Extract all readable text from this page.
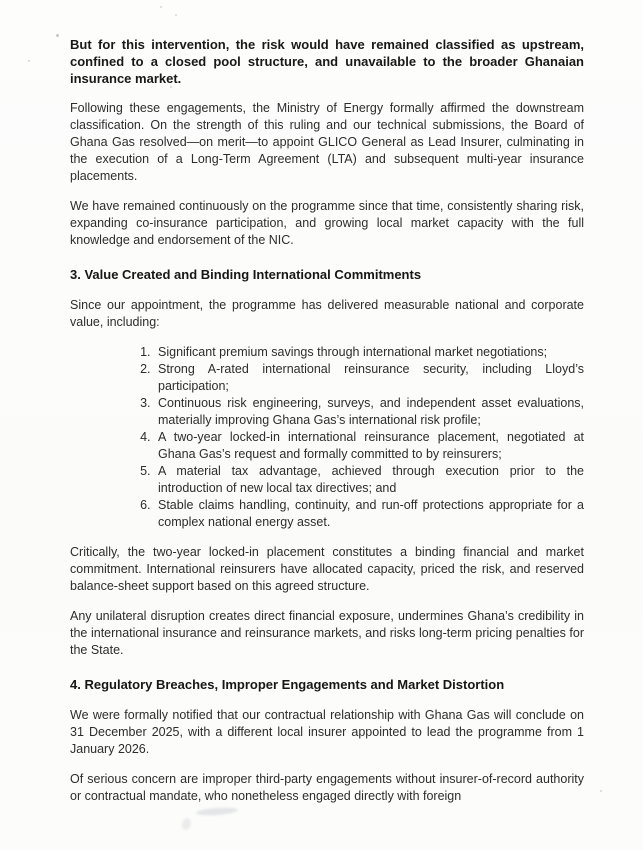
But for this intervention, the risk would have remained classified as upstream, confined to a closed pool structure, and unavailable to the broader Ghanaian insurance market.

Following these engagements, the Ministry of Energy formally affirmed the downstream classification. On the strength of this ruling and our technical submissions, the Board of Ghana Gas resolved—on merit—to appoint GLICO General as Lead Insurer, culminating in the execution of a Long-Term Agreement (LTA) and subsequent multi-year insurance placements.

We have remained continuously on the programme since that time, consistently sharing risk, expanding co-insurance participation, and growing local market capacity with the full knowledge and endorsement of the NIC.

3. Value Created and Binding International Commitments

Since our appointment, the programme has delivered measurable national and corporate value, including:

1. Significant premium savings through international market negotiations;
2. Strong A-rated international reinsurance security, including Lloyd’s participation;
3. Continuous risk engineering, surveys, and independent asset evaluations, materially improving Ghana Gas’s international risk profile;
4. A two-year locked-in international reinsurance placement, negotiated at Ghana Gas’s request and formally committed to by reinsurers;
5. A material tax advantage, achieved through execution prior to the introduction of new local tax directives; and
6. Stable claims handling, continuity, and run-off protections appropriate for a complex national energy asset.

Critically, the two-year locked-in placement constitutes a binding financial and market commitment. International reinsurers have allocated capacity, priced the risk, and reserved balance-sheet support based on this agreed structure.

Any unilateral disruption creates direct financial exposure, undermines Ghana’s credibility in the international insurance and reinsurance markets, and risks long-term pricing penalties for the State.

4. Regulatory Breaches, Improper Engagements and Market Distortion

We were formally notified that our contractual relationship with Ghana Gas will conclude on 31 December 2025, with a different local insurer appointed to lead the programme from 1 January 2026.

Of serious concern are improper third-party engagements without insurer-of-record authority or contractual mandate, who nonetheless engaged directly with foreign
